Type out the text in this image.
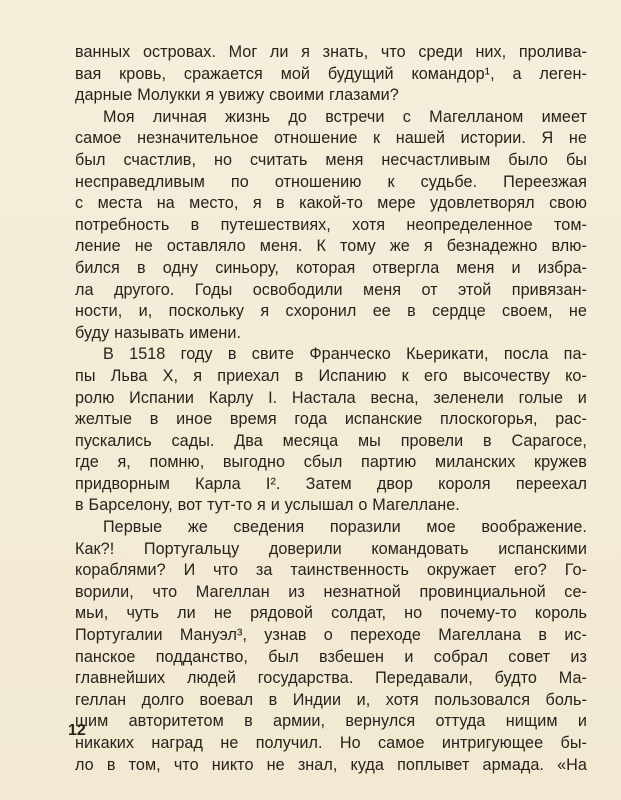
ванных островах. Мог ли я знать, что среди них, пролива-
вая кровь, сражается мой будущий командор¹, а леген-
дарные Молукки я увижу своими глазами?
Моя личная жизнь до встречи с Магелланом имеет
самое незначительное отношение к нашей истории. Я не
был счастлив, но считать меня несчастливым было бы
несправедливым по отношению к судьбе. Переезжая
с места на место, я в какой-то мере удовлетворял свою
потребность в путешествиях, хотя неопределенное том-
ление не оставляло меня. К тому же я безнадежно влю-
бился в одну синьору, которая отвергла меня и избра-
ла другого. Годы освободили меня от этой привязан-
ности, и, поскольку я схоронил ее в сердце своем, не
буду называть имени.
В 1518 году в свите Франческо Кьерикати, посла па-
пы Льва X, я приехал в Испанию к его высочеству ко-
ролю Испании Карлу I. Настала весна, зеленели голые и
желтые в иное время года испанские плоскогорья, рас-
пускались сады. Два месяца мы провели в Сарагосе,
где я, помню, выгодно сбыл партию миланских кружев
придворным Карла I². Затем двор короля переехал
в Барселону, вот тут-то я и услышал о Магеллане.
Первые же сведения поразили мое воображение.
Как?! Португальцу доверили командовать испанскими
кораблями? И что за таинственность окружает его? Го-
ворили, что Магеллан из незнатной провинциальной се-
мьи, чуть ли не рядовой солдат, но почему-то король
Португалии Мануэл³, узнав о переходе Магеллана в ис-
панское подданство, был взбешен и собрал совет из
главнейших людей государства. Передавали, будто Ма-
геллан долго воевал в Индии и, хотя пользовался боль-
шим авторитетом в армии, вернулся оттуда нищим и
никаких наград не получил. Но самое интригующее бы-
ло в том, что никто не знал, куда поплывет армада. «На
12
